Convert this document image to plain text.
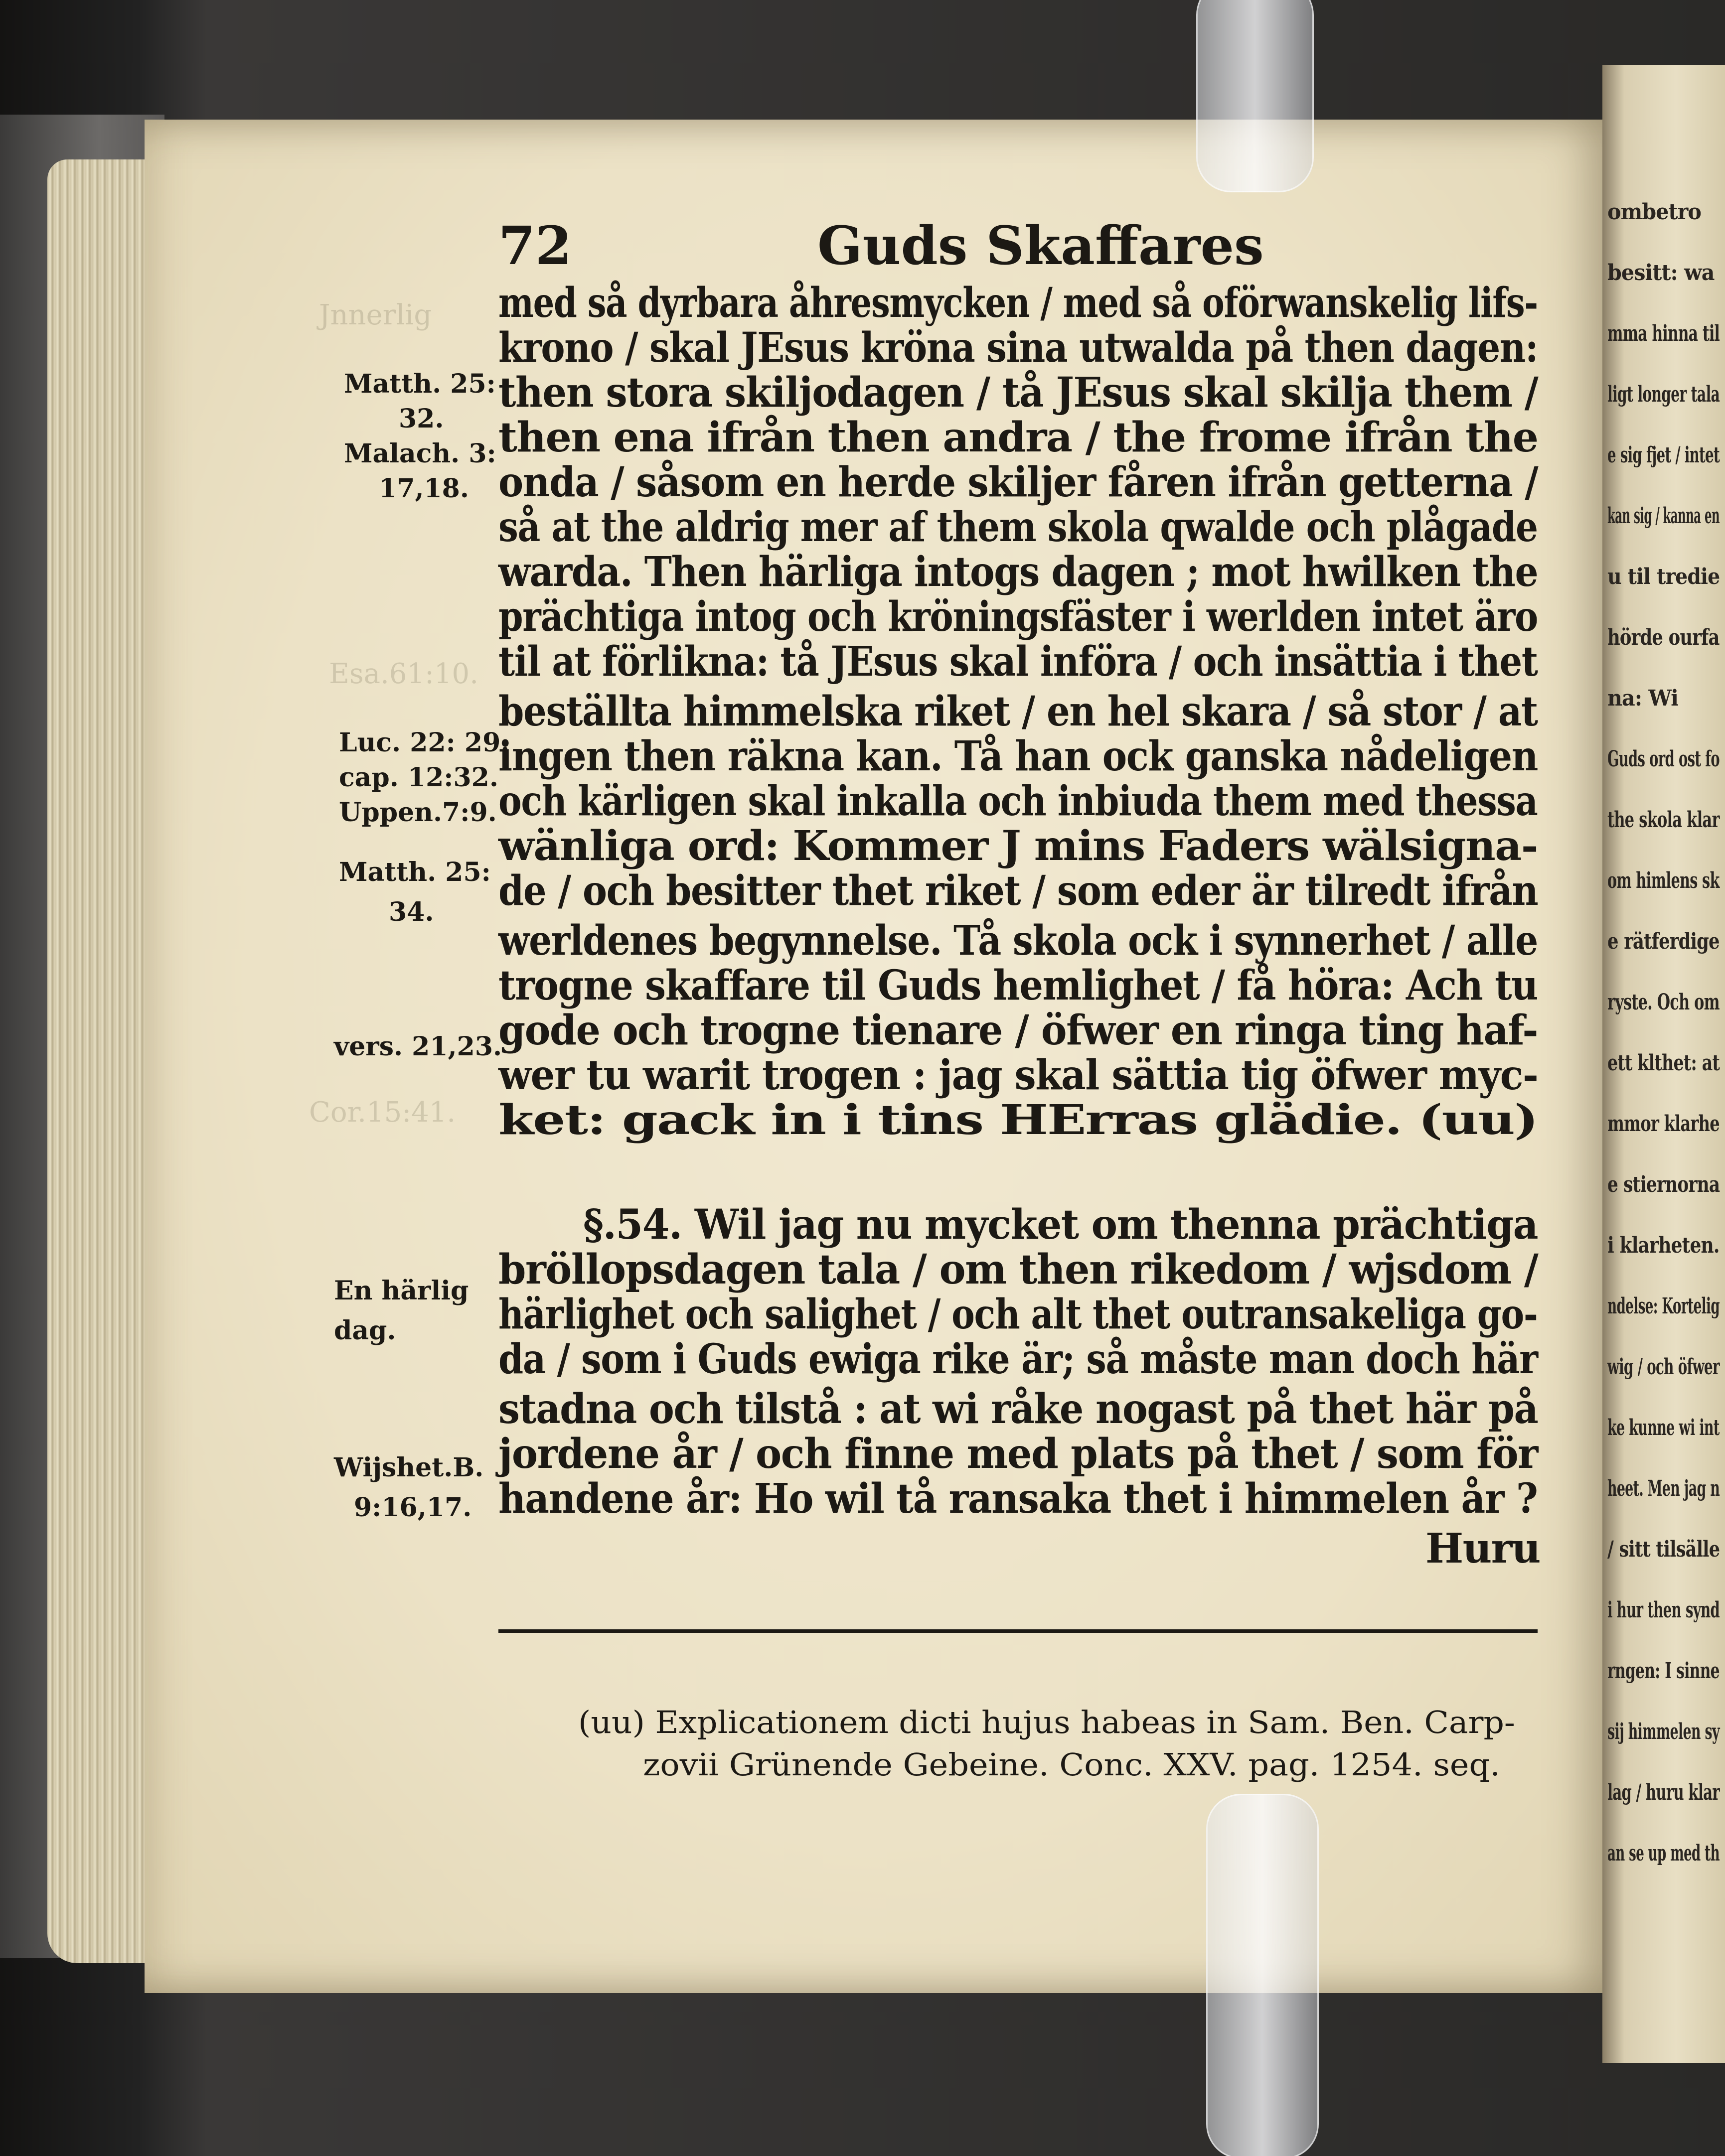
Jnnerlig
Esa.61:10.
Cor.15:41.
72	Guds Skaffares
med så dyrbara åhresmycken / med så oförwanskelig lifs-
krono / skal JEsus kröna sina utwalda på then dagen:
then stora skiljodagen / tå JEsus skal skilja them /
then ena ifrån then andra / the frome ifrån the
onda / såsom en herde skiljer fåren ifrån getterna /
så at the aldrig mer af them skola qwalde och plågade
warda. Then härliga intogs dagen ; mot hwilken the
prächtiga intog och kröningsfäster i werlden intet äro
til at förlikna: tå JEsus skal införa / och insättia i thet
beställta himmelska riket / en hel skara / så stor / at
ingen then räkna kan. Tå han ock ganska nådeligen
och kärligen skal inkalla och inbiuda them med thessa
wänliga ord: Kommer J mins Faders wälsigna-
de / och besitter thet riket / som eder är tilredt ifrån
werldenes begynnelse. Tå skola ock i synnerhet / alle
trogne skaffare til Guds hemlighet / få höra: Ach tu
gode och trogne tienare / öfwer en ringa ting haf-
wer tu warit trogen : jag skal sättia tig öfwer myc-
ket: gack in i tins HErras glädie. (uu)
§.54. Wil jag nu mycket om thenna prächtiga
bröllopsdagen tala / om then rikedom / wjsdom /
härlighet och salighet / och alt thet outransakeliga go-
da / som i Guds ewiga rike är; så måste man doch här
stadna och tilstå : at wi råke nogast på thet här på
jordene år / och finne med plats på thet / som för
handene år: Ho wil tå ransaka thet i himmelen år ?
Huru
Matth. 25:
32.
Malach. 3:
17,18.
Luc. 22: 29.
cap. 12:32.
Uppen.7:9.
Matth. 25:
34.
vers. 21,23.
En härlig
dag.
Wijshet.B.
9:16,17.
(uu) Explicationem dicti hujus habeas in Sam. Ben. Carp-
zovii Grünende Gebeine. Conc. XXV. pag. 1254. seq.
ombetro
besitt: wa
mma hinna til
ligt longer tala
e sig fjet / intet
kan sig / kanna en
u til tredie
hörde ourfa
na: Wi
Guds ord ost fo
the skola klar
om himlens sk
e rätferdige
ryste. Och om
ett klthet: at
mmor klarhe
e stiernorna
i klarheten.
ndelse: Kortelig
wig / och öfwer
ke kunne wi int
heet. Men jag n
/ sitt tilsälle
i hur then synd
rngen: I sinne
sij himmelen sy
lag / huru klar
an se up med th
